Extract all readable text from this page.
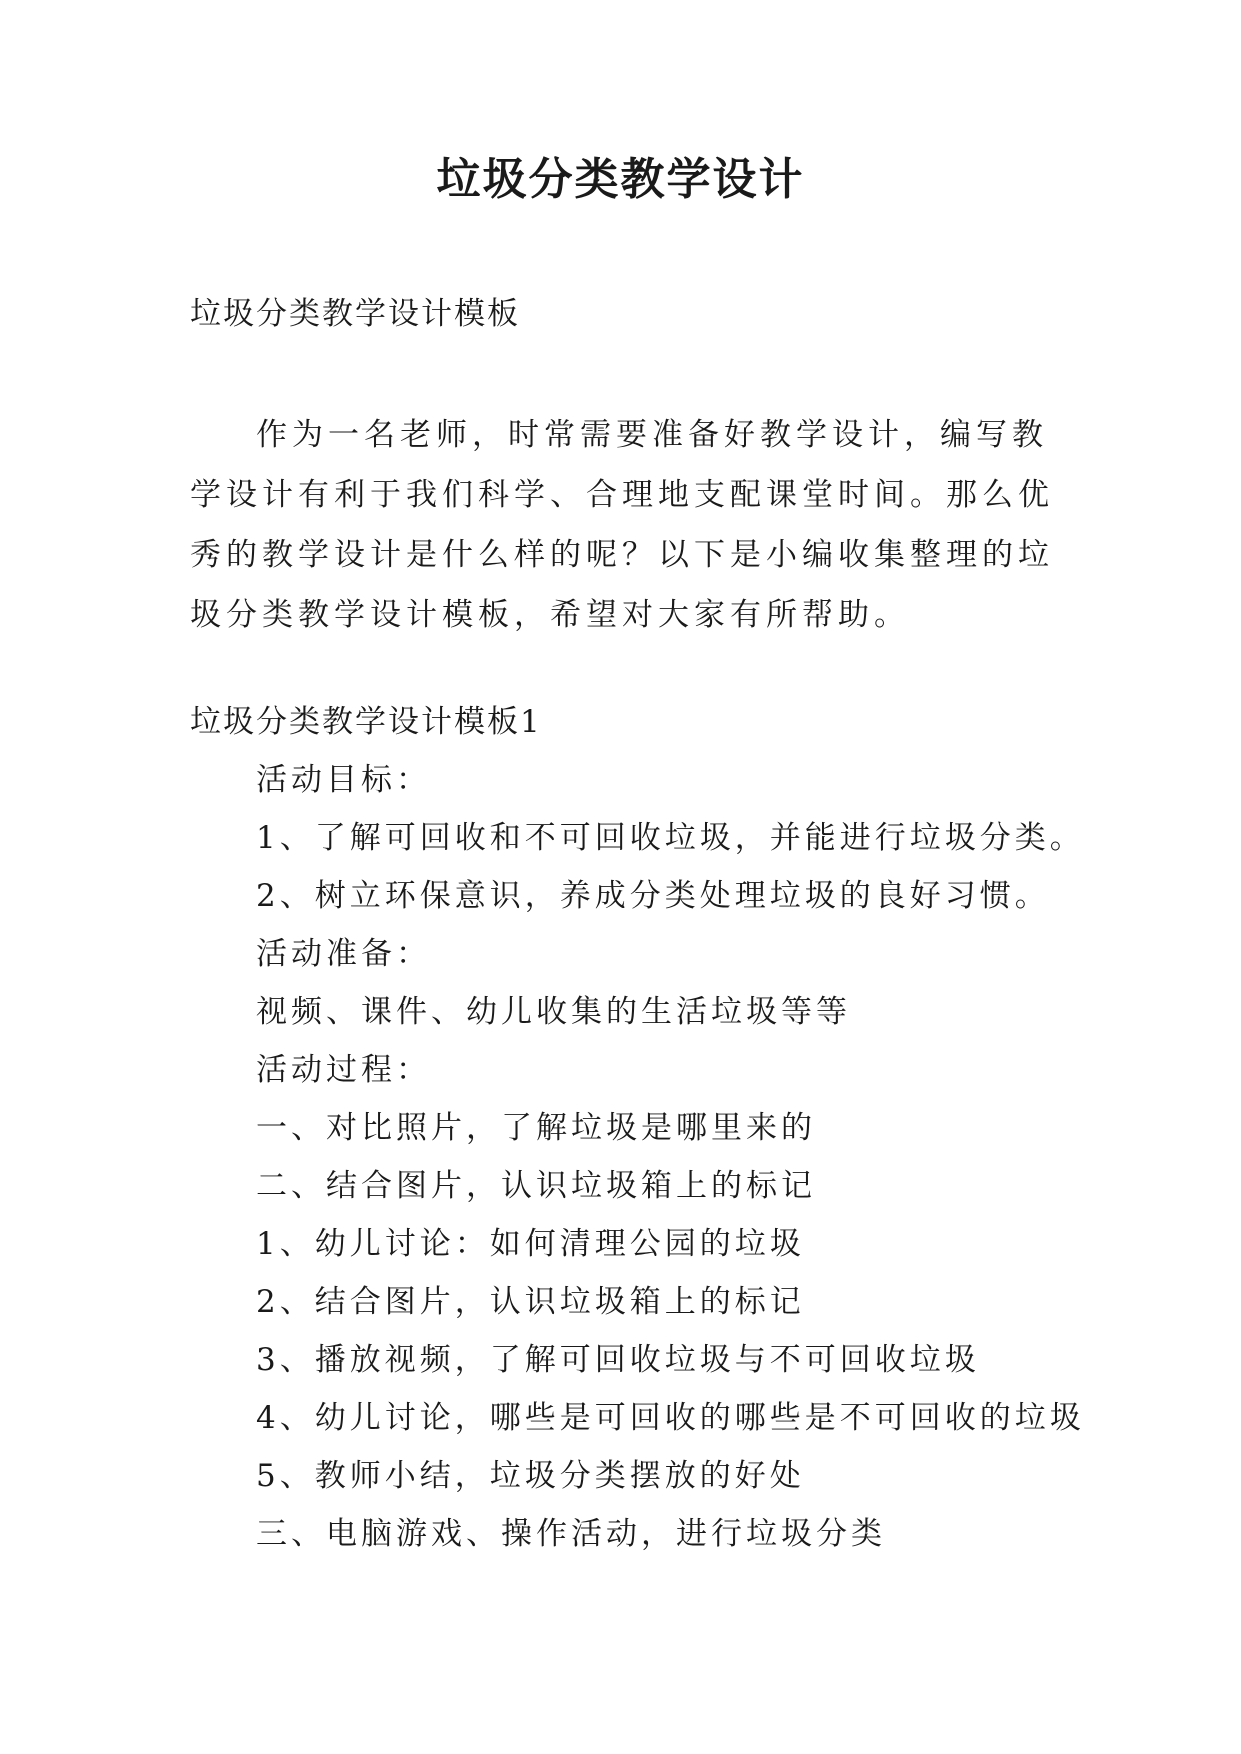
垃圾分类教学设计
垃圾分类教学设计模板

作为一名老师，时常需要准备好教学设计，编写教学设计有利于我们科学、合理地支配课堂时间。那么优秀的教学设计是什么样的呢？以下是小编收集整理的垃圾分类教学设计模板，希望对大家有所帮助。

垃圾分类教学设计模板1
活动目标：
1、了解可回收和不可回收垃圾，并能进行垃圾分类。
2、树立环保意识，养成分类处理垃圾的良好习惯。
活动准备：
视频、课件、幼儿收集的生活垃圾等等
活动过程：
一、对比照片，了解垃圾是哪里来的
二、结合图片，认识垃圾箱上的标记
1、幼儿讨论：如何清理公园的垃圾
2、结合图片，认识垃圾箱上的标记
3、播放视频，了解可回收垃圾与不可回收垃圾
4、幼儿讨论，哪些是可回收的哪些是不可回收的垃圾
5、教师小结，垃圾分类摆放的好处
三、电脑游戏、操作活动，进行垃圾分类
